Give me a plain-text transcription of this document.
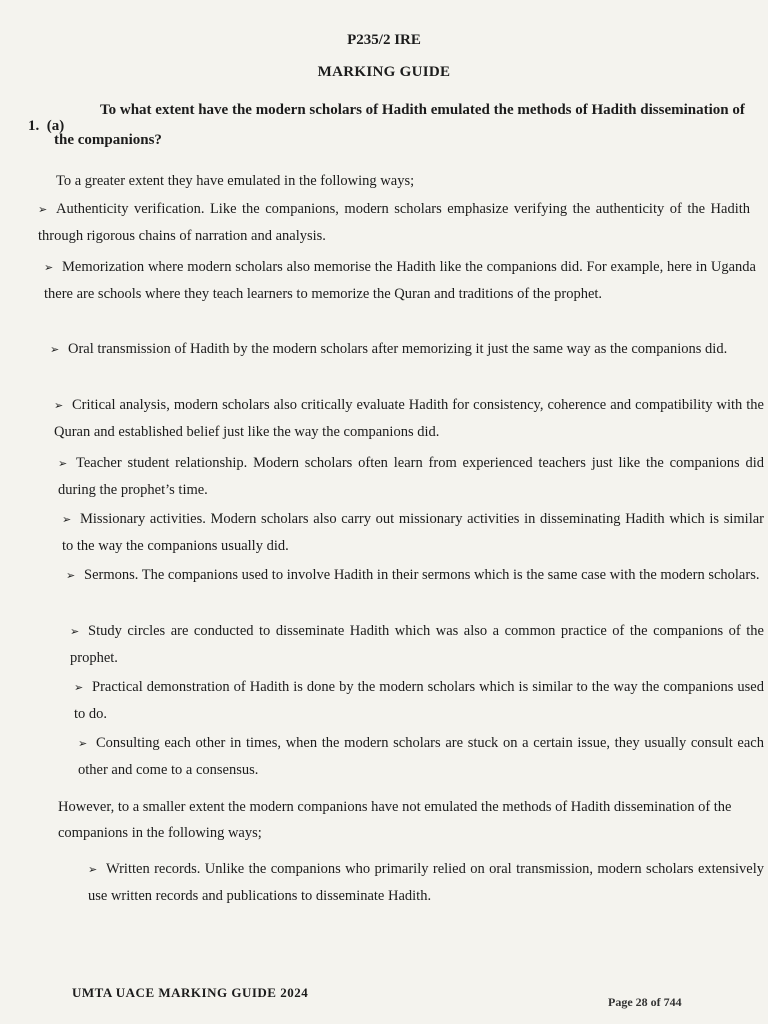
P235/2 IRE
MARKING GUIDE
1. (a)
To what extent have the modern scholars of Hadith emulated the methods of Hadith dissemination of the companions?
To a greater extent they have emulated in the following ways;
➢ Authenticity verification. Like the companions, modern scholars emphasize verifying the authenticity of the Hadith through rigorous chains of narration and analysis.
➢ Memorization where modern scholars also memorise the Hadith like the companions did. For example, here in Uganda there are schools where they teach learners to memorize the Quran and traditions of the prophet.
➢ Oral transmission of Hadith by the modern scholars after memorizing it just the same way as the companions did.
➢ Critical analysis, modern scholars also critically evaluate Hadith for consistency, coherence and compatibility with the Quran and established belief just like the way the companions did.
➢ Teacher student relationship. Modern scholars often learn from experienced teachers just like the companions did during the prophet’s time.
➢ Missionary activities. Modern scholars also carry out missionary activities in disseminating Hadith which is similar to the way the companions usually did.
➢ Sermons. The companions used to involve Hadith in their sermons which is the same case with the modern scholars.
➢ Study circles are conducted to disseminate Hadith which was also a common practice of the companions of the prophet.
➢ Practical demonstration of Hadith is done by the modern scholars which is similar to the way the companions used to do.
➢ Consulting each other in times, when the modern scholars are stuck on a certain issue, they usually consult each other and come to a consensus.
However, to a smaller extent the modern companions have not emulated the methods of Hadith dissemination of the companions in the following ways;
➢ Written records. Unlike the companions who primarily relied on oral transmission, modern scholars extensively use written records and publications to disseminate Hadith.
UMTA UACE MARKING GUIDE 2024
Page 28 of 744
